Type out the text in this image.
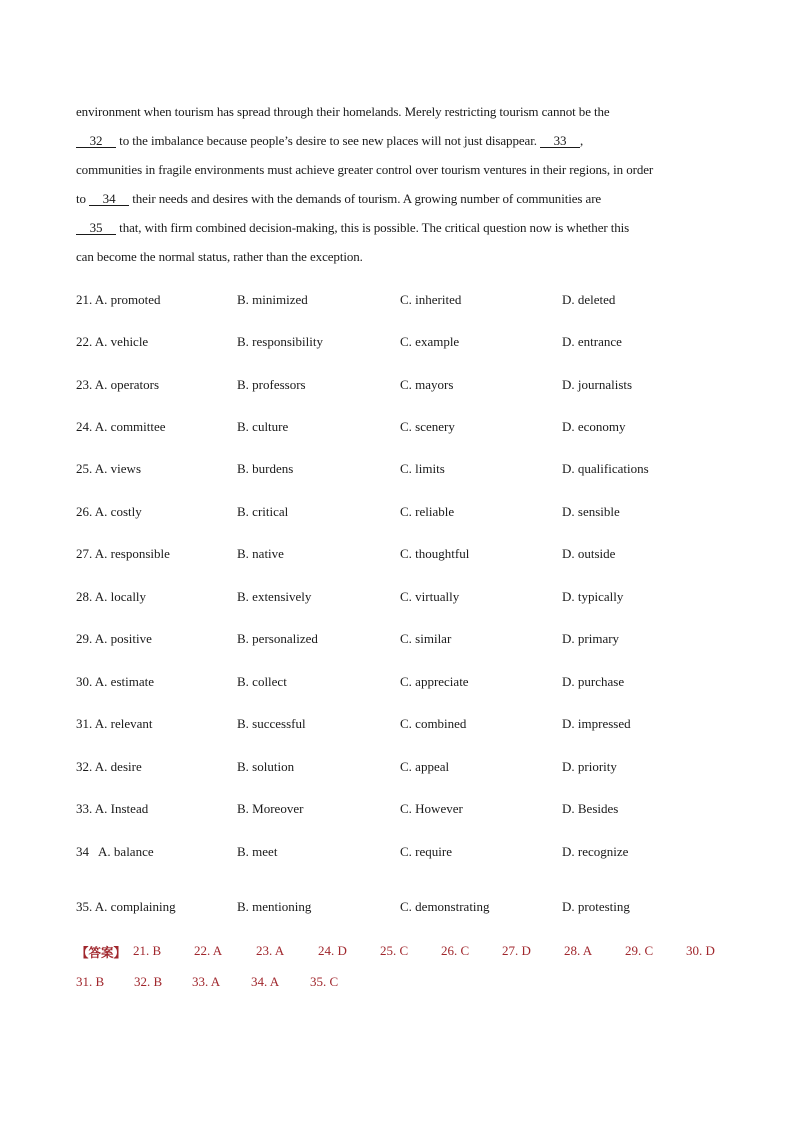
environment when tourism has spread through their homelands. Merely restricting tourism cannot be the
32     to the imbalance because people’s desire to see new places will not just disappear.     33 ,
communities in fragile environments must achieve greater control over tourism ventures in their regions, in order
to     34     their needs and desires with the demands of tourism. A growing number of communities are
35     that, with firm combined decision-making, this is possible. The critical question now is whether this
can become the normal status, rather than the exception.
21. A. promoted	B. minimized	C. inherited	D. deleted
22. A. vehicle	B. responsibility	C. example	D. entrance
23. A. operators	B. professors	C. mayors	D. journalists
24. A. committee	B. culture	C. scenery	D. economy
25. A. views	B. burdens	C. limits	D. qualifications
26. A. costly	B. critical	C. reliable	D. sensible
27. A. responsible	B. native	C. thoughtful	D. outside
28. A. locally	B. extensively	C. virtually	D. typically
29. A. positive	B. personalized	C. similar	D. primary
30. A. estimate	B. collect	C. appreciate	D. purchase
31. A. relevant	B. successful	C. combined	D. impressed
32. A. desire	B. solution	C. appeal	D. priority
33. A. Instead	B. Moreover	C. However	D. Besides
34   A. balance	B. meet	C. require	D. recognize
35. A. complaining	B. mentioning	C. demonstrating	D. protesting
【答案】 21. B	22. A	23. A	24. D	25. C	26. C	27. D	28. A	29. C	30. D
31. B 32. B 33. A 34. A 35. C
